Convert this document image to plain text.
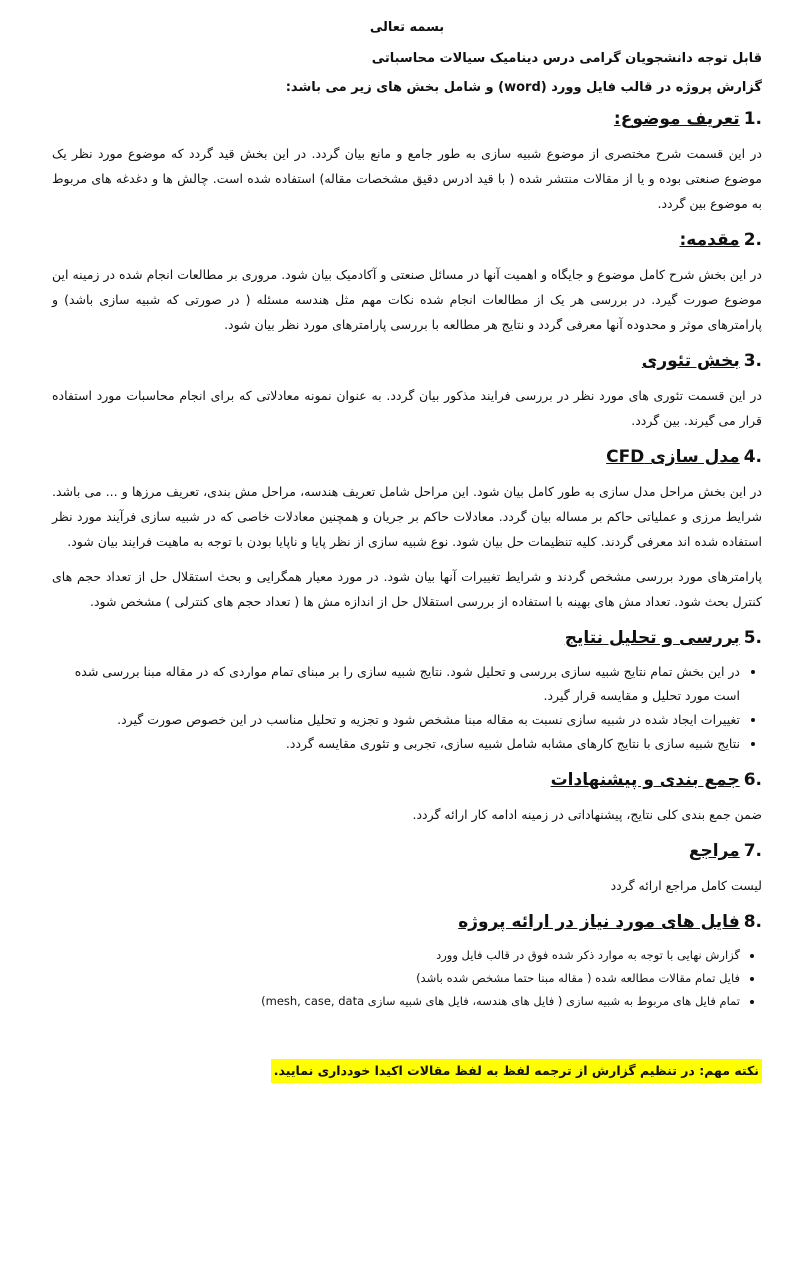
بسمه تعالی
قابل توجه دانشجویان گرامی درس دینامیک سیالات محاسباتی
گزارش پروژه در قالب فایل وورد (word) و شامل بخش های زیر می باشد:
1.
تعریف موضوع:

در این قسمت شرح مختصری از موضوع شبیه سازی به طور جامع و مانع بیان گردد. در این بخش قید گردد که موضوع مورد نظر یک موضوع صنعتی بوده و یا از مقالات منتشر شده ( با قید ادرس دقیق مشخصات مقاله) استفاده شده است. چالش ها و دغدغه های مربوط به موضوع بین گردد.

2.
مقدمه:

در این بخش شرح کامل موضوع و جایگاه و اهمیت آنها در مسائل صنعتی و آکادمیک بیان شود. مروری بر مطالعات انجام شده در زمینه این موضوع صورت گیرد. در بررسی هر یک از مطالعات انجام شده نکات مهم مثل هندسه مسئله ( در صورتی که شبیه سازی باشد) و پارامترهای موثر و محدوده آنها معرفی گردد و نتایج هر مطالعه با بررسی پارامترهای مورد نظر بیان شود.

3.
بخش تئوری

در این قسمت تئوری های مورد نظر در بررسی فرایند مذکور بیان گردد. به عنوان نمونه معادلاتی که برای انجام محاسبات مورد استفاده قرار می گیرند. بین گردد.

4.
مدل سازی CFD

در این بخش مراحل مدل سازی به طور کامل بیان شود. این مراحل شامل تعریف هندسه، مراحل مش بندی، تعریف مرزها و ... می باشد. شرایط مرزی و عملیاتی حاکم بر مساله بیان گردد. معادلات حاکم بر جریان و همچنین معادلات خاصی که در شبیه سازی فرآیند مورد نظر استفاده شده اند معرفی گردند. کلیه تنظیمات حل بیان شود. نوع شبیه سازی از نظر پایا و ناپایا بودن با توجه به ماهیت فرایند بیان شود.

پارامترهای مورد بررسی مشخص گردند و شرایط تغییرات آنها بیان شود. در مورد معیار همگرایی و بحث استقلال حل از تعداد حجم های کنترل بحث شود. تعداد مش های بهینه با استفاده از بررسی استقلال حل از اندازه مش ها ( تعداد حجم های کنترلی ) مشخص شود.

5.
بررسی و تحلیل نتایج
• در این بخش تمام نتایج شبیه سازی بررسی و تحلیل شود. نتایج شبیه سازی را بر مبنای تمام مواردی که در مقاله مبنا بررسی شده است مورد تحلیل و مقایسه قرار گیرد.
• تغییرات ایجاد شده در شبیه سازی نسبت به مقاله مبنا مشخص شود و تجزیه و تحلیل مناسب در این خصوص صورت گیرد.
• نتایج شبیه سازی با نتایج کارهای مشابه شامل شبیه سازی، تجربی و تئوری مقایسه گردد.
6.
جمع بندی و پیشنهادات

ضمن جمع بندی کلی نتایج، پیشنهاداتی در زمینه ادامه کار ارائه گردد.

7.
مراجع

لیست کامل مراجع ارائه گردد

8.
فایل های مورد نیاز در ارائه پروژه
• گزارش نهایی با توجه به موارد ذکر شده فوق در قالب فایل وورد
• فایل تمام مقالات مطالعه شده ( مقاله مبنا حتما مشخص شده باشد)
• تمام فایل های مربوط به شبیه سازی ( فایل های هندسه، فایل های شبیه سازی mesh, case, data)
نکته مهم: در تنظیم گزارش از ترجمه لفظ به لفظ مقالات اکیدا خودداری نمایید.
